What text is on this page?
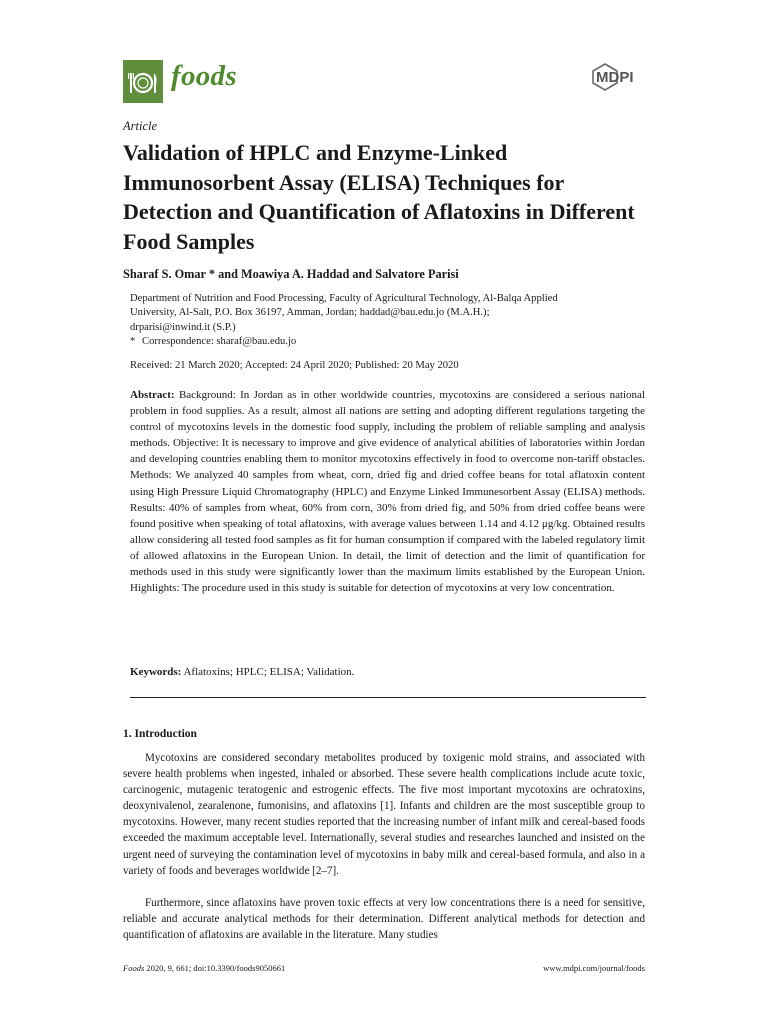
foods	MDPI
Article
Validation of HPLC and Enzyme-Linked Immunosorbent Assay (ELISA) Techniques for Detection and Quantification of Aflatoxins in Different Food Samples
Sharaf S. Omar * and Moawiya A. Haddad and Salvatore Parisi
Department of Nutrition and Food Processing, Faculty of Agricultural Technology, Al-Balqa Applied
University, Al-Salt, P.O. Box 36197, Amman, Jordan; haddad@bau.edu.jo (M.A.H.);
drparisi@inwind.it (S.P.)
* Correspondence: sharaf@bau.edu.jo
Received: 21 March 2020; Accepted: 24 April 2020; Published: 20 May 2020
Abstract: Background: In Jordan as in other worldwide countries, mycotoxins are considered a serious national problem in food supplies. As a result, almost all nations are setting and adopting different regulations targeting the control of mycotoxins levels in the domestic food supply, including the problem of reliable sampling and analysis methods. Objective: It is necessary to improve and give evidence of analytical abilities of laboratories within Jordan and developing countries enabling them to monitor mycotoxins effectively in food to overcome non-tariff obstacles. Methods: We analyzed 40 samples from wheat, corn, dried fig and dried coffee beans for total aflatoxin content using High Pressure Liquid Chromatography (HPLC) and Enzyme Linked Immunesorbent Assay (ELISA) methods. Results: 40% of samples from wheat, 60% from corn, 30% from dried fig, and 50% from dried coffee beans were found positive when speaking of total aflatoxins, with average values between 1.14 and 4.12 μg/kg. Obtained results allow considering all tested food samples as fit for human consumption if compared with the labeled regulatory limit of allowed aflatoxins in the European Union. In detail, the limit of detection and the limit of quantification for methods used in this study were significantly lower than the maximum limits established by the European Union. Highlights: The procedure used in this study is suitable for detection of mycotoxins at very low concentration.
Keywords: Aflatoxins; HPLC; ELISA; Validation.
1. Introduction
Mycotoxins are considered secondary metabolites produced by toxigenic mold strains, and associated with severe health problems when ingested, inhaled or absorbed. These severe health complications include acute toxic, carcinogenic, mutagenic teratogenic and estrogenic effects. The five most important mycotoxins are ochratoxins, deoxynivalenol, zearalenone, fumonisins, and aflatoxins [1]. Infants and children are the most susceptible group to mycotoxins. However, many recent studies reported that the increasing number of infant milk and cereal-based foods exceeded the maximum acceptable level. Internationally, several studies and researches launched and insisted on the urgent need of surveying the contamination level of mycotoxins in baby milk and cereal-based formula, and also in a variety of foods and beverages worldwide [2–7].
Furthermore, since aflatoxins have proven toxic effects at very low concentrations there is a need for sensitive, reliable and accurate analytical methods for their determination. Different analytical methods for detection and quantification of aflatoxins are available in the literature. Many studies
Foods 2020, 9, 661; doi:10.3390/foods9050661	www.mdpi.com/journal/foods
